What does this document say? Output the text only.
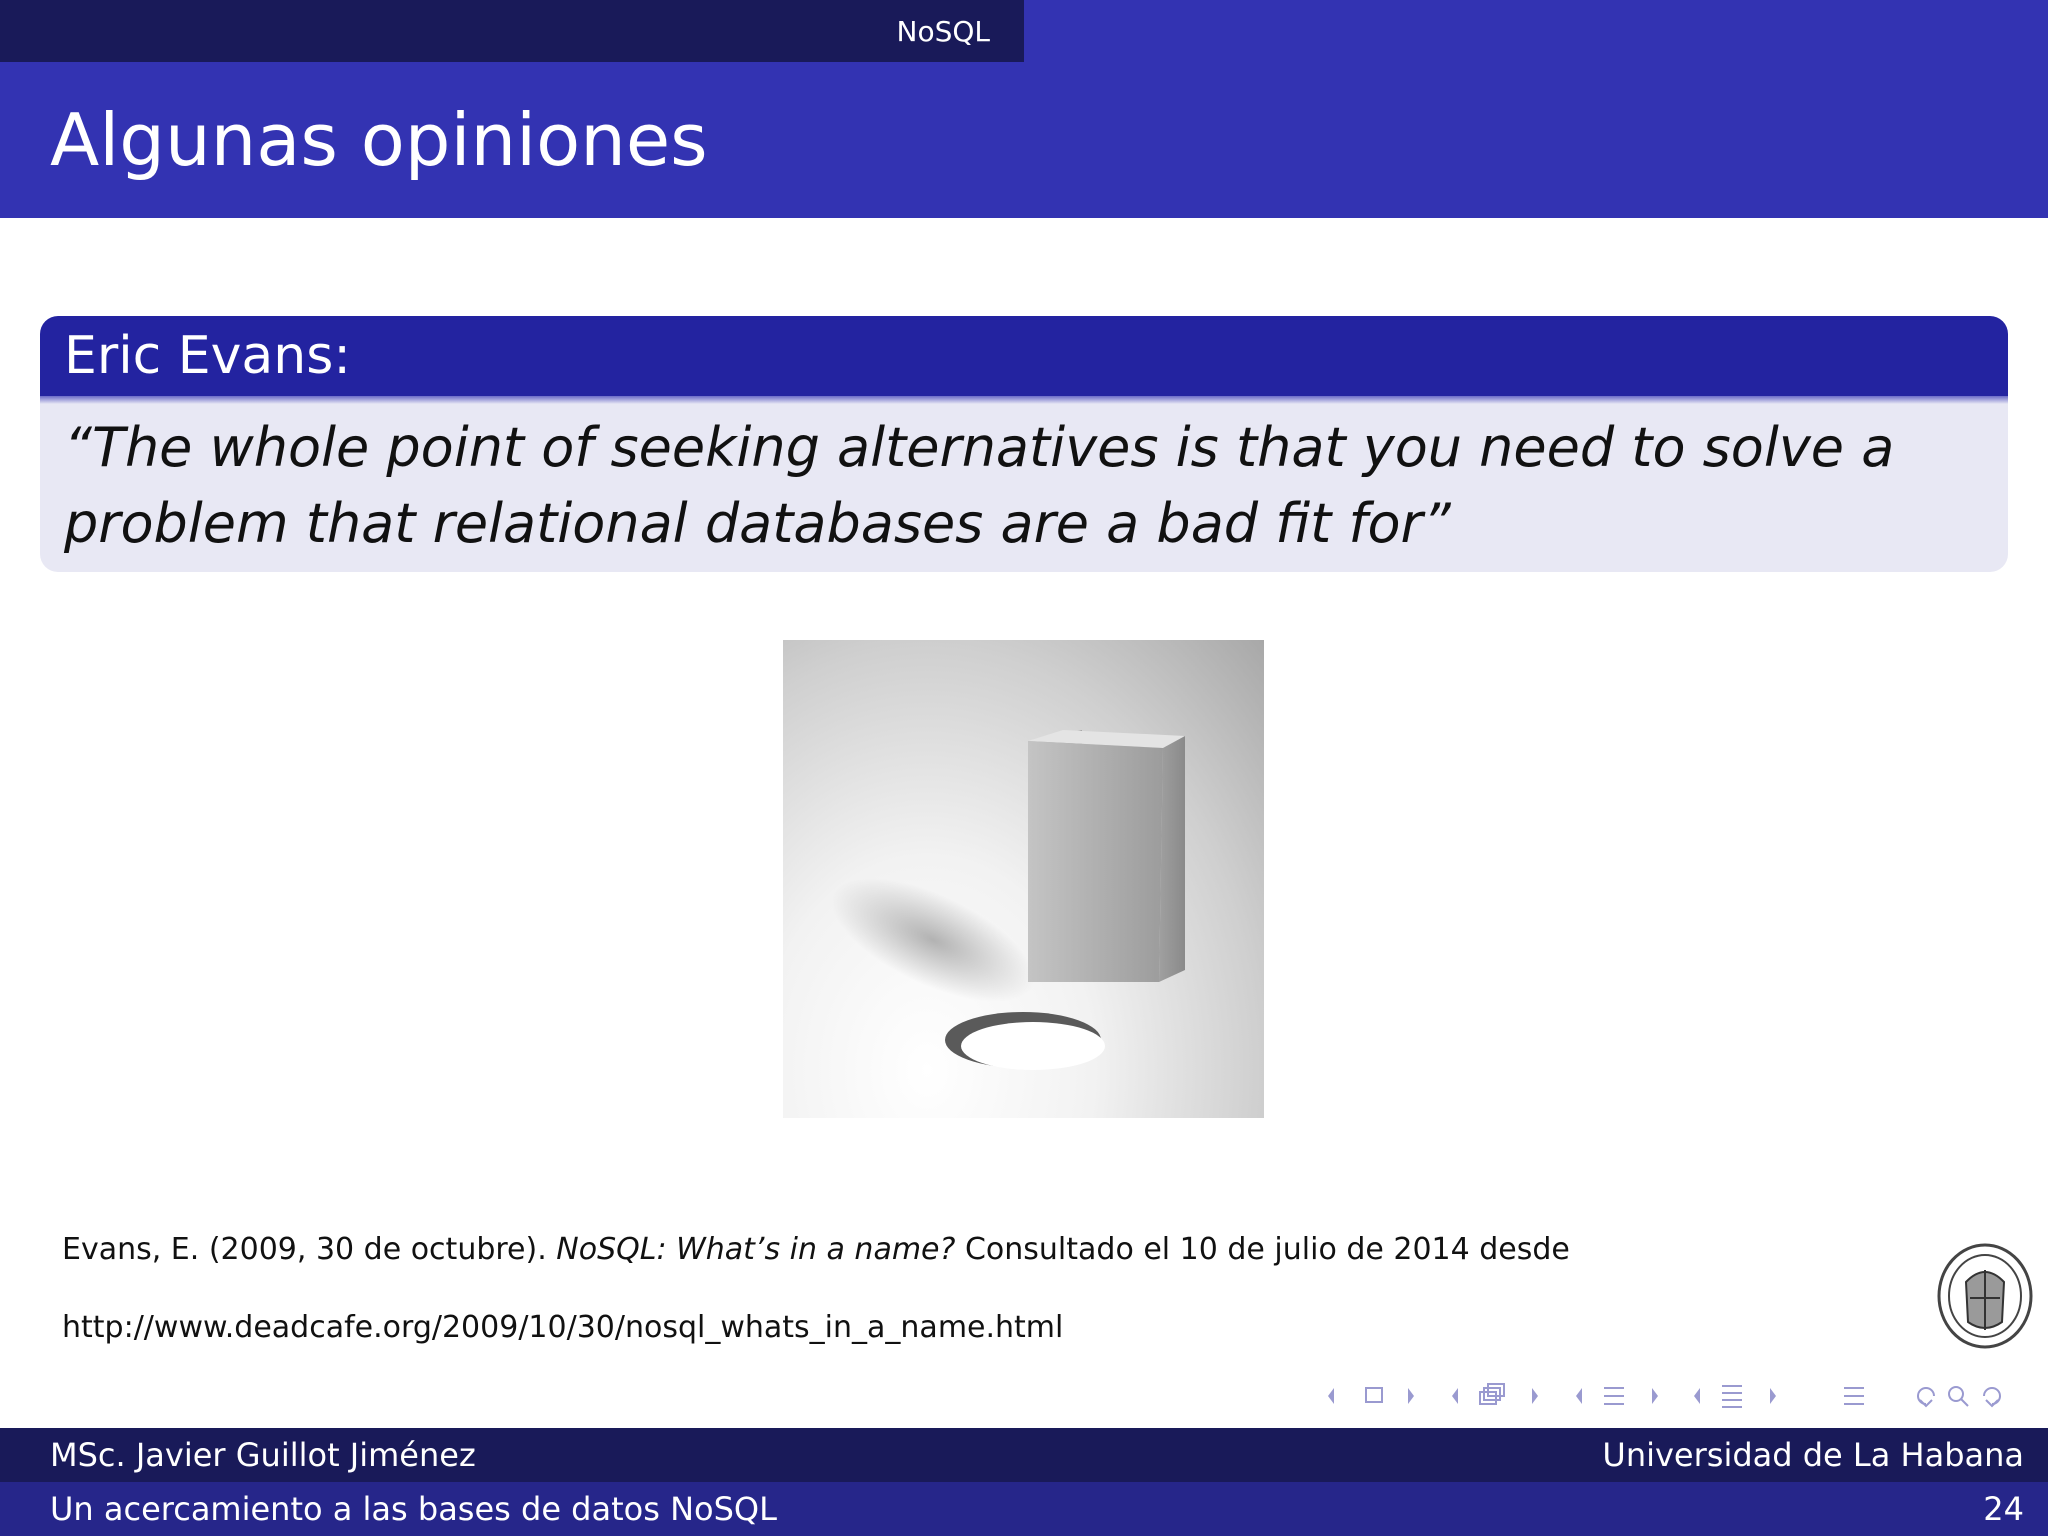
NoSQL
Algunas opiniones
Eric Evans:
“The whole point of seeking alternatives is that you need to solve a
problem that relational databases are a bad fit for”
Evans, E. (2009, 30 de octubre). NoSQL: What’s in a name? Consultado el 10 de julio de 2014 desde
http://www.deadcafe.org/2009/10/30/nosql_whats_in_a_name.html
MSc. Javier Guillot Jiménez	Universidad de La Habana
Un acercamiento a las bases de datos NoSQL	24
